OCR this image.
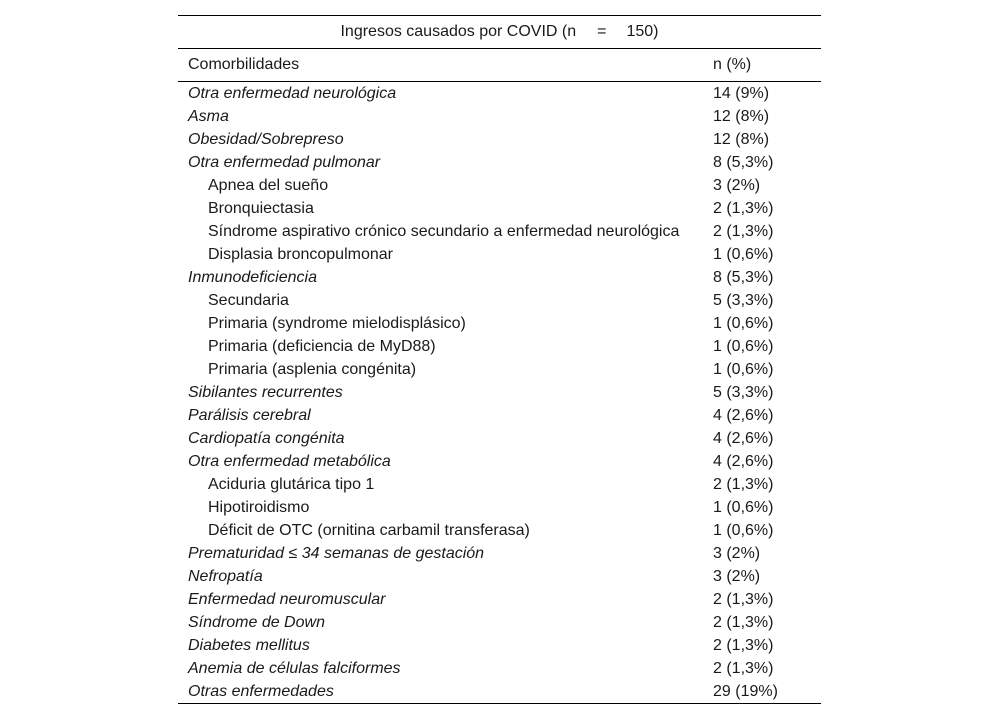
Ingresos causados por COVID (n = 150)
Comorbilidades	n (%)
Otra enfermedad neurológica	14 (9%)
Asma	12 (8%)
Obesidad/Sobrepreso	12 (8%)
Otra enfermedad pulmonar	8 (5,3%)
Apnea del sueño	3 (2%)
Bronquiectasia	2 (1,3%)
Síndrome aspirativo crónico secundario a enfermedad neurológica	2 (1,3%)
Displasia broncopulmonar	1 (0,6%)
Inmunodeficiencia	8 (5,3%)
Secundaria	5 (3,3%)
Primaria (syndrome mielodisplásico)	1 (0,6%)
Primaria (deficiencia de MyD88)	1 (0,6%)
Primaria (asplenia congénita)	1 (0,6%)
Sibilantes recurrentes	5 (3,3%)
Parálisis cerebral	4 (2,6%)
Cardiopatía congénita	4 (2,6%)
Otra enfermedad metabólica	4 (2,6%)
Aciduria glutárica tipo 1	2 (1,3%)
Hipotiroidismo	1 (0,6%)
Déficit de OTC (ornitina carbamil transferasa)	1 (0,6%)
Prematuridad ≤ 34 semanas de gestación	3 (2%)
Nefropatía	3 (2%)
Enfermedad neuromuscular	2 (1,3%)
Síndrome de Down	2 (1,3%)
Diabetes mellitus	2 (1,3%)
Anemia de células falciformes	2 (1,3%)
Otras enfermedades	29 (19%)
